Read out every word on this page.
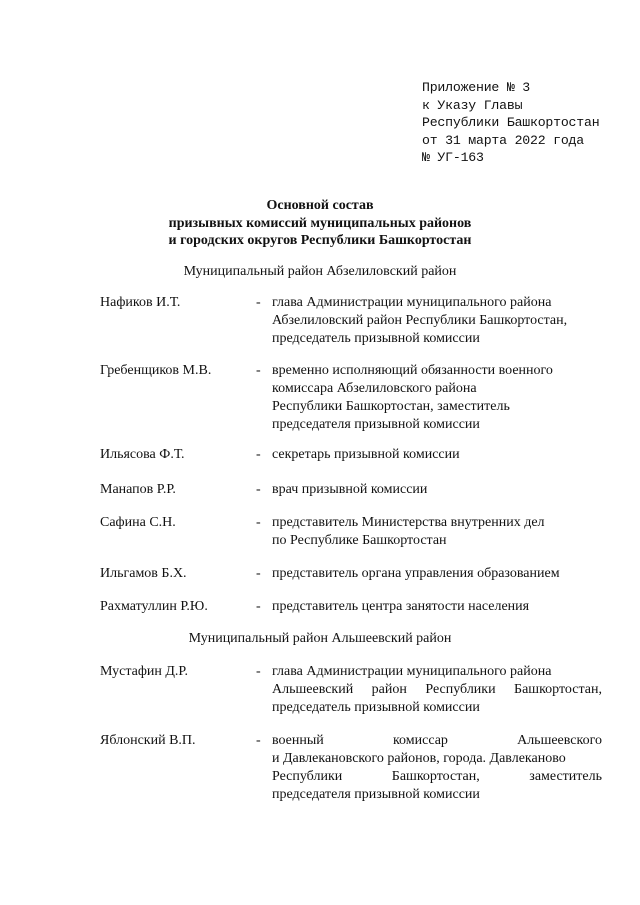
Приложение № 3
к Указу Главы
Республики Башкортостан
от 31 марта 2022 года
№ УГ-163
Основной состав
призывных комиссий муниципальных районов
и городских округов Республики Башкортостан
Муниципальный район Абзелиловский район
Нафиков И.Т.	- глава Администрации муниципального района
Абзелиловский район Республики Башкортостан,
председатель призывной комиссии
Гребенщиков М.В.	- временно исполняющий обязанности военного
комиссара Абзелиловского района
Республики Башкортостан, заместитель
председателя призывной комиссии
Ильясова Ф.Т.	- секретарь призывной комиссии
Манапов Р.Р.	- врач призывной комиссии
Сафина С.Н.	- представитель Министерства внутренних дел
по Республике Башкортостан
Ильгамов Б.Х.	- представитель органа управления образованием
Рахматуллин Р.Ю.	- представитель центра занятости населения
Муниципальный район Альшеевский район
Мустафин Д.Р.	- глава Администрации муниципального района
Альшеевский район Республики Башкортостан,
председатель призывной комиссии
Яблонский В.П.	- военный комиссар Альшеевского
и Давлекановского районов, города. Давлеканово
Республики Башкортостан, заместитель
председателя призывной комиссии
